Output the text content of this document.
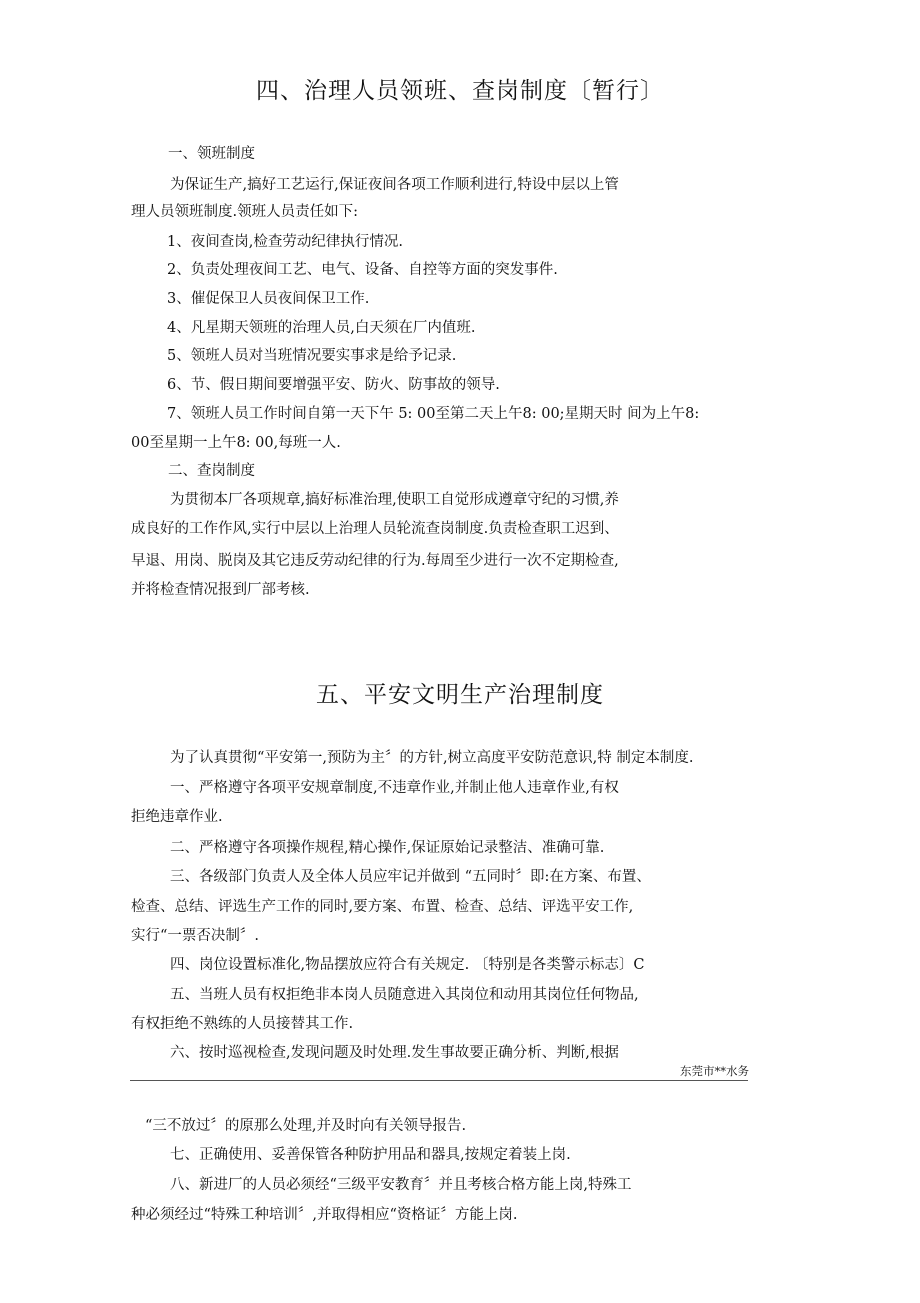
四、治理人员领班、查岗制度〔暂行〕

一、领班制度

为保证生产,搞好工艺运行,保证夜间各项工作顺利进行,特设中层以上管

理人员领班制度.领班人员责任如下:

1、夜间查岗,检查劳动纪律执行情况.

2、负责处理夜间工艺、电气、设备、自控等方面的突发事件.

3、催促保卫人员夜间保卫工作.

4、凡星期天领班的治理人员,白天须在厂内值班.

5、领班人员对当班情况要实事求是给予记录.

6、节、假日期间要增强平安、防火、防事故的领导.

7、领班人员工作时间自第一天下午 5: 00至第二天上午8: 00;星期天时 间为上午8:

00至星期一上午8: 00,每班一人.

二、查岗制度

为贯彻本厂各项规章,搞好标准治理,使职工自觉形成遵章守纪的习惯,养

成良好的工作作风,实行中层以上治理人员轮流查岗制度.负责检查职工迟到、

早退、用岗、脱岗及其它违反劳动纪律的行为.每周至少进行一次不定期检查,

并将检查情况报到厂部考核.

五、平安文明生产治理制度

为了认真贯彻“平安第一,预防为主〞的方针,树立高度平安防范意识,特 制定本制度.

一、严格遵守各项平安规章制度,不违章作业,并制止他人违章作业,有权

拒绝违章作业.

二、严格遵守各项操作规程,精心操作,保证原始记录整洁、准确可靠.

三、各级部门负责人及全体人员应牢记并做到 “五同时〞即:在方案、布置、

检查、总结、评选生产工作的同时,要方案、布置、检查、总结、评选平安工作,

实行“一票否决制〞.

四、岗位设置标准化,物品摆放应符合有关规定. 〔特别是各类警示标志〕C

五、当班人员有权拒绝非本岗人员随意进入其岗位和动用其岗位任何物品,

有权拒绝不熟练的人员接替其工作.

六、按时巡视检查,发现问题及时处理.发生事故要正确分析、判断,根据

东莞市**水务

“三不放过〞的原那么处理,并及时向有关领导报告.

七、正确使用、妥善保管各种防护用品和器具,按规定着装上岗.

八、新进厂的人员必须经“三级平安教育〞并且考核合格方能上岗,特殊工

种必须经过“特殊工种培训〞,并取得相应“资格证〞方能上岗.
